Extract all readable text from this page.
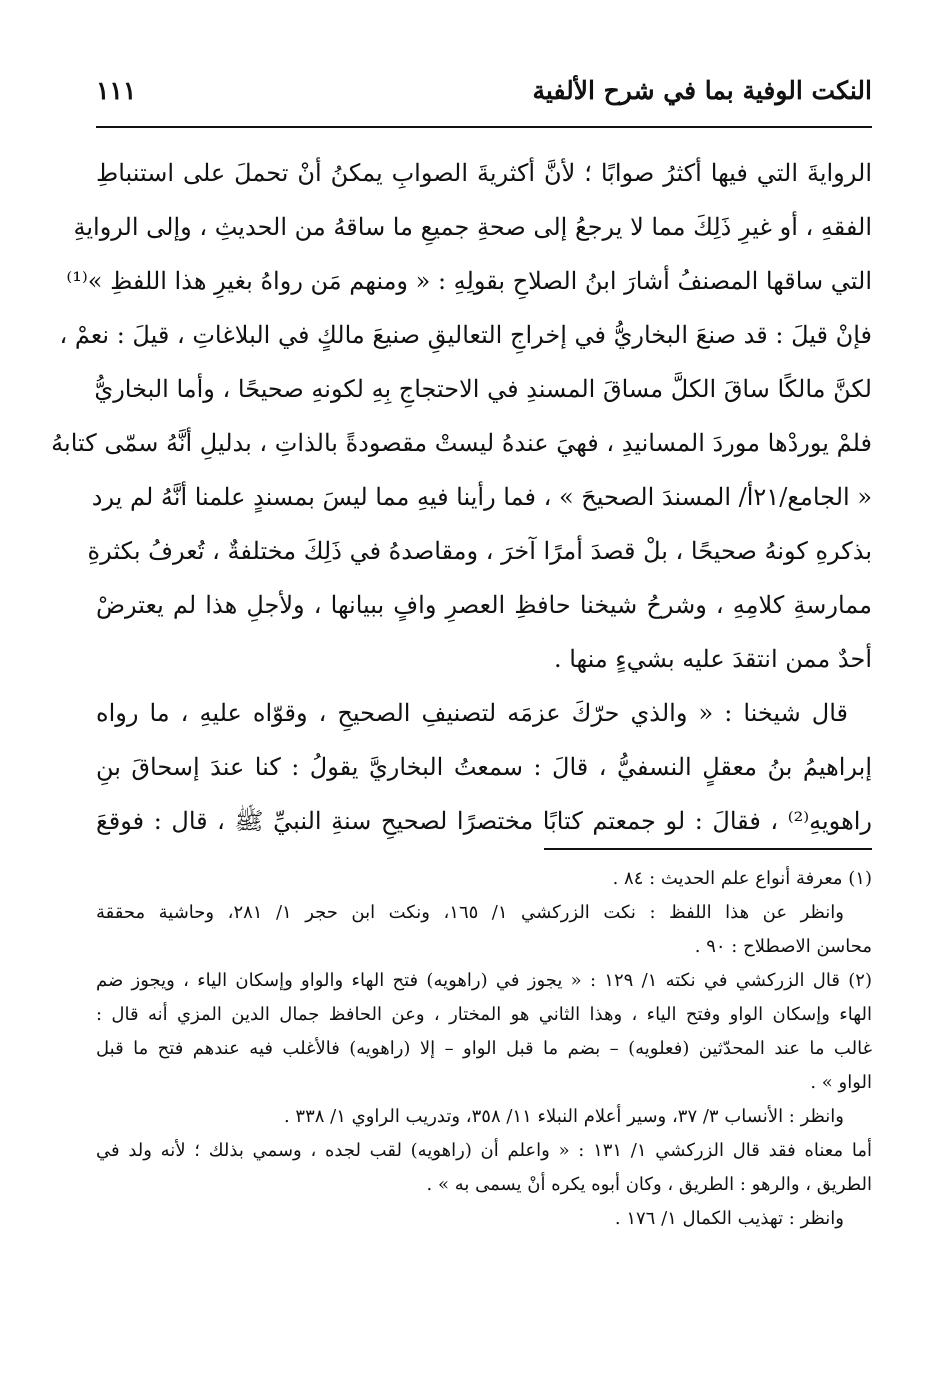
النكت الوفية بما في شرح الألفية
١١١
الروايةَ التي فيها أكثرُ صوابًا ؛ لأنَّ أكثريةَ الصوابِ يمكنُ أنْ تحملَ على استنباطِ
الفقهِ ، أو غيرِ ذَلِكَ مما لا يرجعُ إلى صحةِ جميعِ ما ساقهُ من الحديثِ ، وإلى الروايةِ
التي ساقها المصنفُ أشارَ ابنُ الصلاحِ بقولِهِ : « ومنهم مَن رواهُ بغيرِ هذا اللفظِ »⁽¹⁾
فإنْ قيلَ : قد صنعَ البخاريُّ في إخراجِ التعاليقِ صنيعَ مالكٍ في البلاغاتِ ، قيلَ : نعمْ ،
لكنَّ مالكًا ساقَ الكلَّ مساقَ المسندِ في الاحتجاجِ بِهِ لكونهِ صحيحًا ، وأما البخاريُّ
فلمْ يوردْها موردَ المسانيدِ ، فهيَ عندهُ ليستْ مقصودةً بالذاتِ ، بدليلِ أنَّهُ سمّى كتابهُ
« الجامع/٢١أ/ المسندَ الصحيحَ » ، فما رأينا فيهِ مما ليسَ بمسندٍ علمنا أنَّهُ لم يرد
بذكرهِ كونهُ صحيحًا ، بلْ قصدَ أمرًا آخرَ ، ومقاصدهُ في ذَلِكَ مختلفةٌ ، تُعرفُ بكثرةِ
ممارسةِ كلامِهِ ، وشرحُ شيخنا حافظِ العصرِ وافٍ ببيانها ، ولأجلِ هذا لم يعترضْ
أحدٌ ممن انتقدَ عليه بشيءٍ منها .
قال شيخنا : « والذي حرّكَ عزمَه لتصنيفِ الصحيحِ ، وقوّاه عليهِ ، ما رواه
إبراهيمُ بنُ معقلٍ النسفيُّ ، قالَ : سمعتُ البخاريَّ يقولُ : كنا عندَ إسحاقَ بنِ
راهويهِ⁽²⁾ ، فقالَ : لو جمعتم كتابًا مختصرًا لصحيحِ سنةِ النبيِّ ﷺ ، قال : فوقعَ
(١) معرفة أنواع علم الحديث : ٨٤ .
وانظر عن هذا اللفظ : نكت الزركشي ١/ ١٦٥، ونكت ابن حجر ١/ ٢٨١، وحاشية محققة
محاسن الاصطلاح : ٩٠ .
(٢) قال الزركشي في نكته ١/ ١٢٩ : « يجوز في (راهويه) فتح الهاء والواو وإسكان الياء ، ويجوز ضم
الهاء وإسكان الواو وفتح الياء ، وهذا الثاني هو المختار ، وعن الحافظ جمال الدين المزي أنه قال :
غالب ما عند المحدّثين (فعلويه) – بضم ما قبل الواو – إلا (راهويه) فالأغلب فيه عندهم فتح ما قبل
الواو » .
وانظر : الأنساب ٣/ ٣٧، وسير أعلام النبلاء ١١/ ٣٥٨، وتدريب الراوي ١/ ٣٣٨ .
أما معناه فقد قال الزركشي ١/ ١٣١ : « واعلم أن (راهويه) لقب لجده ، وسمي بذلك ؛ لأنه ولد في
الطريق ، والرهو : الطريق ، وكان أبوه يكره أنْ يسمى به » .
وانظر : تهذيب الكمال ١/ ١٧٦ .
